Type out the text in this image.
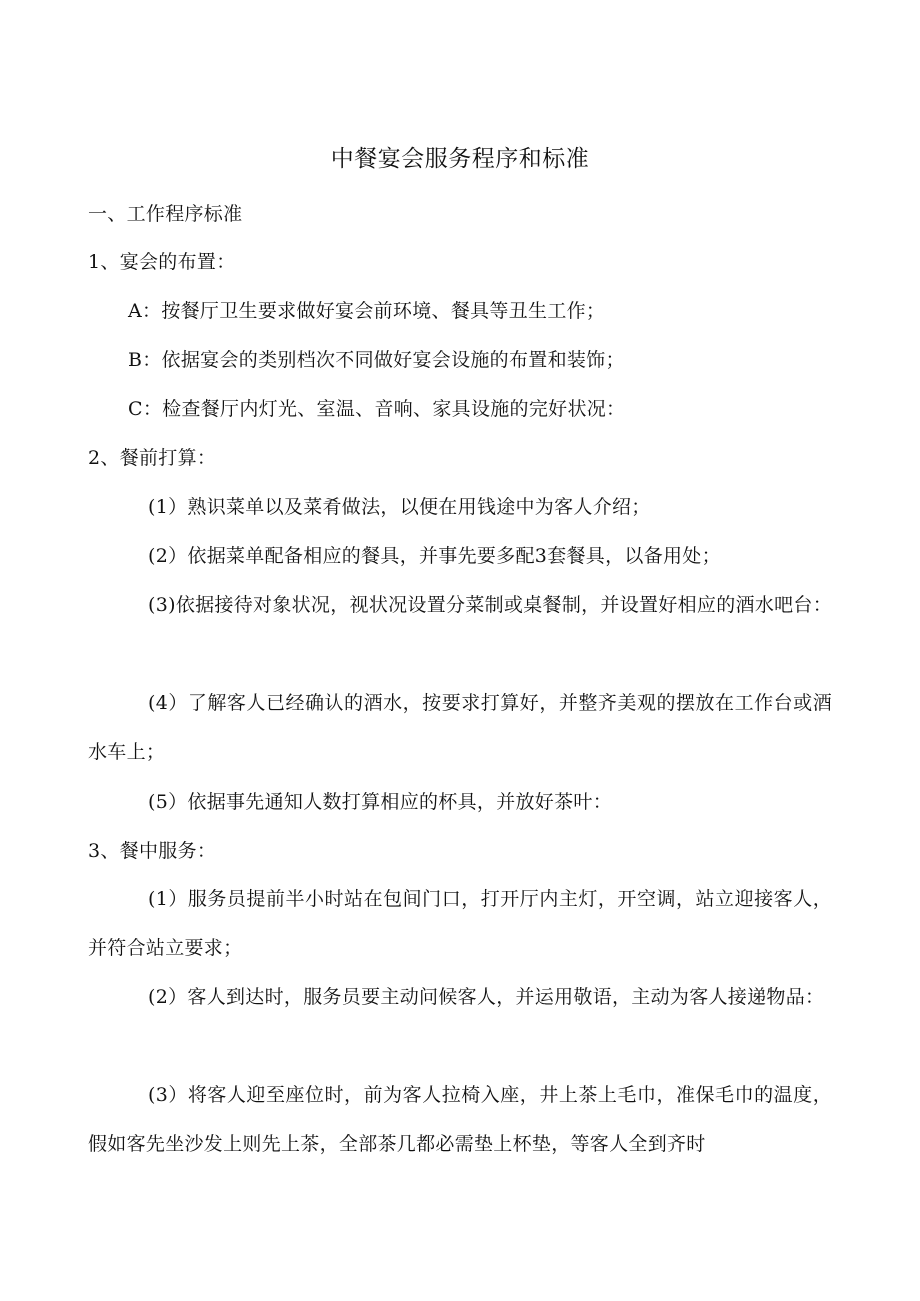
中餐宴会服务程序和标准
一、工作程序标准
1、宴会的布置：
A：按餐厅卫生要求做好宴会前环境、餐具等丑生工作；
B：依据宴会的类别档次不同做好宴会设施的布置和装饰；
C：检查餐厅内灯光、室温、音响、家具设施的完好状况：
2、餐前打算：
(1）熟识菜单以及菜肴做法，以便在用钱途中为客人介绍；
(2）依据菜单配备相应的餐具，并事先要多配3套餐具，以备用处；
(3)依据接待对象状况，视状况设置分菜制或桌餐制，并设置好相应的酒水吧台：
(4）了解客人已经确认的酒水，按要求打算好，并整齐美观的摆放在工作台或酒水车上；
(5）依据事先通知人数打算相应的杯具，并放好茶叶：
3、餐中服务：
(1）服务员提前半小时站在包间门口，打开厅内主灯，开空调，站立迎接客人，并符合站立要求；
(2）客人到达时，服务员要主动问候客人，并运用敬语，主动为客人接递物品：
(3）将客人迎至座位时，前为客人拉椅入座，井上茶上毛巾，准保毛巾的温度，假如客先坐沙发上则先上茶，全部茶几都必需垫上杯垫，等客人全到齐时
